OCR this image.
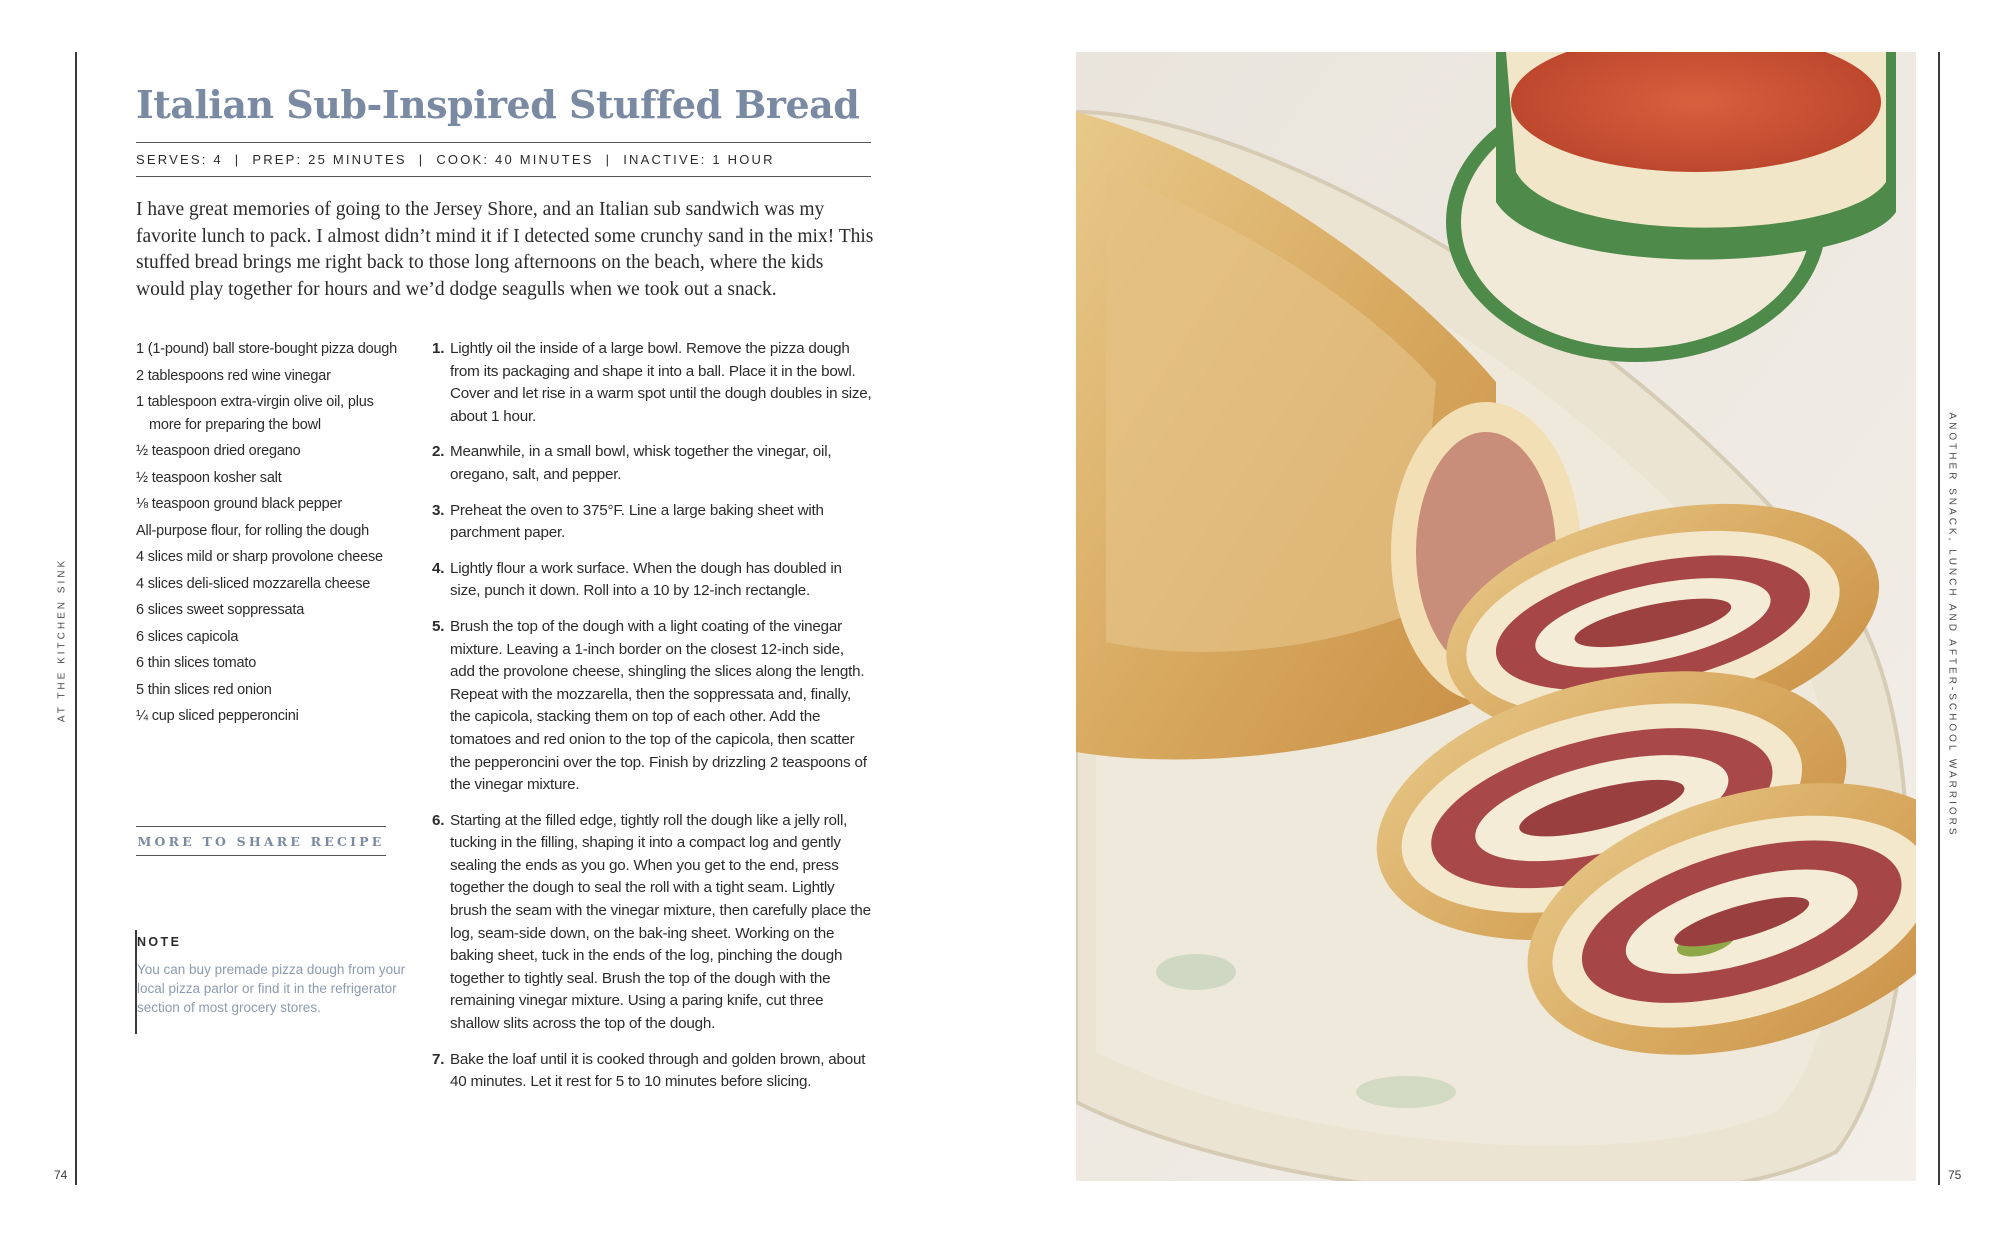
AT THE KITCHEN SINK	ANOTHER SNACK, LUNCH AND AFTER-SCHOOL WARRIORS
74	75
Italian Sub-Inspired Stuffed Bread
SERVES: 4 | PREP: 25 MINUTES | COOK: 40 MINUTES | INACTIVE: 1 HOUR

I have great memories of going to the Jersey Shore, and an Italian sub sandwich was my favorite lunch to pack. I almost didn’t mind it if I detected some crunchy sand in the mix! This stuffed bread brings me right back to those long afternoons on the beach, where the kids would play together for hours and we’d dodge seagulls when we took out a snack.

1 (1-pound) ball store-bought pizza dough
2 tablespoons red wine vinegar
1 tablespoon extra-virgin olive oil, plus more for preparing the bowl
½ teaspoon dried oregano
½ teaspoon kosher salt
⅛ teaspoon ground black pepper
All-purpose flour, for rolling the dough
4 slices mild or sharp provolone cheese
4 slices deli-sliced mozzarella cheese
6 slices sweet soppressata
6 slices capicola
6 thin slices tomato
5 thin slices red onion
¼ cup sliced pepperoncini
1. Lightly oil the inside of a large bowl. Remove the pizza dough from its packaging and shape it into a ball. Place it in the bowl. Cover and let rise in a warm spot until the dough doubles in size, about 1 hour.
2. Meanwhile, in a small bowl, whisk together the vinegar, oil, oregano, salt, and pepper.
3. Preheat the oven to 375°F. Line a large baking sheet with parchment paper.
4. Lightly flour a work surface. When the dough has doubled in size, punch it down. Roll into a 10 by 12-inch rectangle.
5. Brush the top of the dough with a light coating of the vinegar mixture. Leaving a 1-inch border on the closest 12-inch side, add the provolone cheese, shingling the slices along the length. Repeat with the mozzarella, then the soppressata and, finally, the capicola, stacking them on top of each other. Add the tomatoes and red onion to the top of the capicola, then scatter the pepperoncini over the top. Finish by drizzling 2 teaspoons of the vinegar mixture.
6. Starting at the filled edge, tightly roll the dough like a jelly roll, tucking in the filling, shaping it into a compact log and gently sealing the ends as you go. When you get to the end, press together the dough to seal the roll with a tight seam. Lightly brush the seam with the vinegar mixture, then carefully place the log, seam-side down, on the bak-ing sheet. Working on the baking sheet, tuck in the ends of the log, pinching the dough together to tightly seal. Brush the top of the dough with the remaining vinegar mixture. Using a paring knife, cut three shallow slits across the top of the dough.
7. Bake the loaf until it is cooked through and golden brown, about 40 minutes. Let it rest for 5 to 10 minutes before slicing.
MORE TO SHARE RECIPE
NOTE
You can buy premade pizza dough from your local pizza parlor or find it in the refrigerator section of most grocery stores.
